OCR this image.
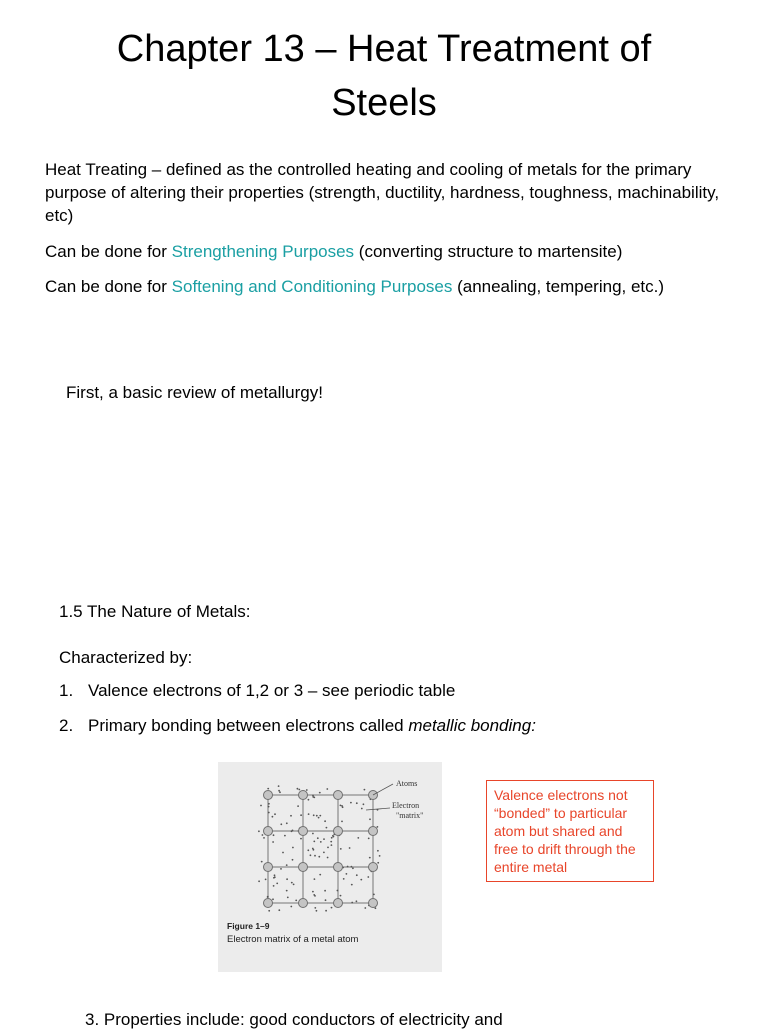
Chapter 13 – Heat Treatment of
Steels

Heat Treating – defined as the controlled heating and cooling of metals for the primary purpose of altering their properties (strength, ductility, hardness, toughness, machinability, etc)

Can be done for Strengthening Purposes (converting structure to martensite)

Can be done for Softening and Conditioning Purposes (annealing, tempering, etc.)

First, a basic review of metallurgy!

1.5 The Nature of Metals:

Characterized by:

1. Valence electrons of 1,2 or 3 – see periodic table
2. Primary bonding between electrons called metallic bonding:
Atoms
Electron
"matrix"
Figure 1–9
Electron matrix of a metal atom
Valence electrons not “bonded” to particular atom but shared and free to drift through the entire metal

3. Properties include: good conductors of electricity and
